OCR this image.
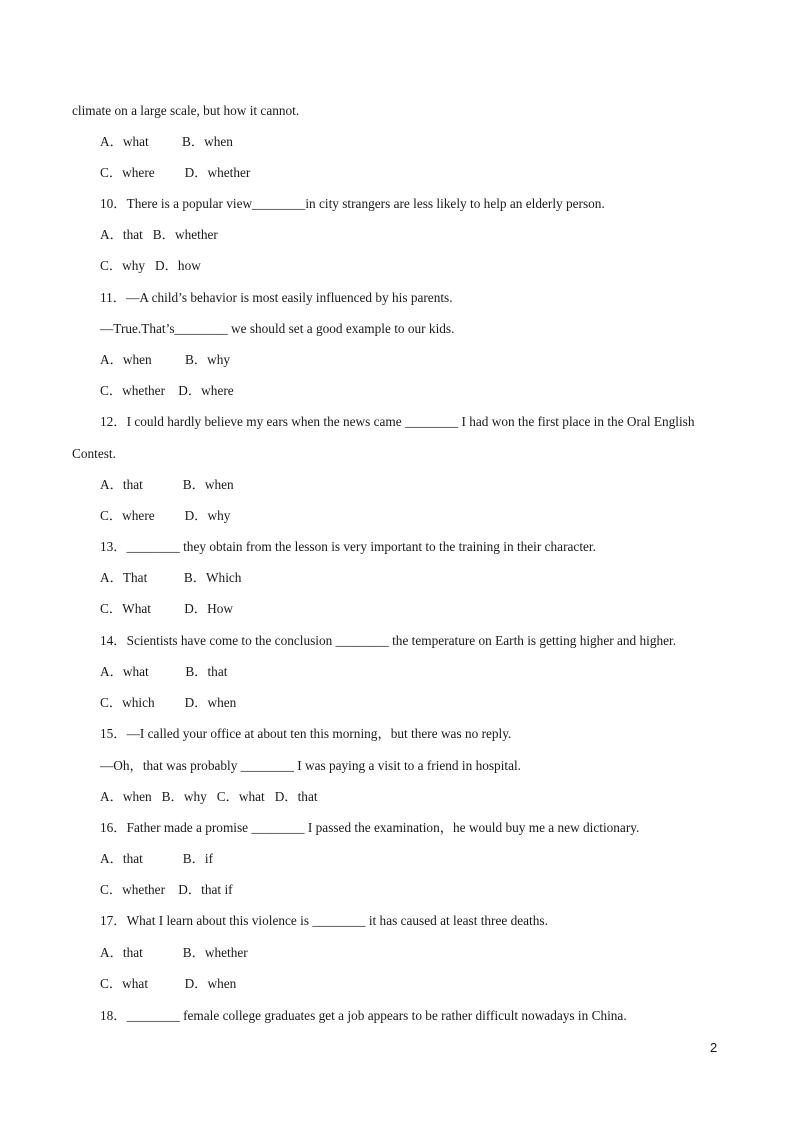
climate on a large scale, but how it cannot.
A．what          B．when
C．where         D．whether
10．There is a popular view________in city strangers are less likely to help an elderly person.
A．that   B．whether
C．why   D．how
11．—A child’s behavior is most easily influenced by his parents.
—True.That’s________ we should set a good example to our kids.
A．when          B．why
C．whether    D．where
12．I could hardly believe my ears when the news came ________ I had won the first place in the Oral English
Contest.
A．that            B．when
C．where         D．why
13．________ they obtain from the lesson is very important to the training in their character.
A．That           B．Which
C．What          D．How
14．Scientists have come to the conclusion ________ the temperature on Earth is getting higher and higher.
A．what           B．that
C．which         D．when
15．—I called your office at about ten this morning，but there was no reply.
—Oh，that was probably ________ I was paying a visit to a friend in hospital.
A．when   B．why   C．what   D．that
16．Father made a promise ________ I passed the examination，he would buy me a new dictionary.
A．that            B．if
C．whether    D．that if
17．What I learn about this violence is ________ it has caused at least three deaths.
A．that            B．whether
C．what           D．when
18．________ female college graduates get a job appears to be rather difficult nowadays in China.
2
